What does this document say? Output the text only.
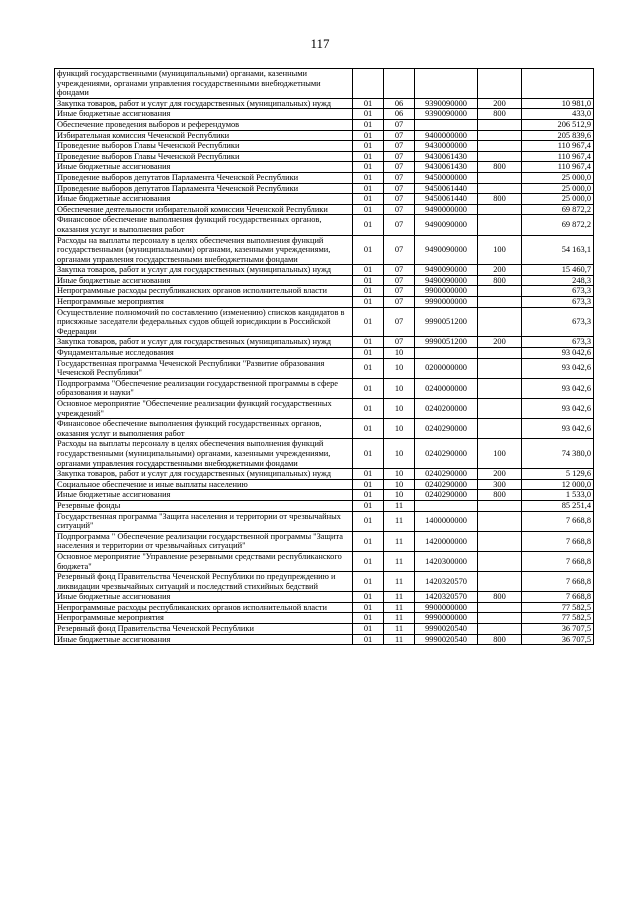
117
функций государственными (муниципальными) органами, казенными учреждениями, органами управления государственными внебюджетными фондами					
Закупка товаров, работ и услуг для государственных (муниципальных) нужд	01	06	9390090000	200	10 981,0
Иные бюджетные ассигнования	01	06	9390090000	800	433,0
Обеспечение проведения выборов и референдумов	01	07			206 512,9
Избирательная комиссия Чеченской Республики	01	07	9400000000		205 839,6
Проведение выборов Главы Чеченской Республики	01	07	9430000000		110 967,4
Проведение выборов Главы Чеченской Республики	01	07	9430061430		110 967,4
Иные бюджетные ассигнования	01	07	9430061430	800	110 967,4
Проведение выборов депутатов Парламента Чеченской Республики	01	07	9450000000		25 000,0
Проведение выборов депутатов Парламента Чеченской Республики	01	07	9450061440		25 000,0
Иные бюджетные ассигнования	01	07	9450061440	800	25 000,0
Обеспечение деятельности избирательной комиссии Чеченской Республики	01	07	9490000000		69 872,2
Финансовое обеспечение выполнения функций государственных органов, оказания услуг и выполнения работ	01	07	9490090000		69 872,2
Расходы на выплаты персоналу в целях обеспечения выполнения функций государственными (муниципальными) органами, казенными учреждениями, органами управления государственными внебюджетными фондами	01	07	9490090000	100	54 163,1
Закупка товаров, работ и услуг для государственных (муниципальных) нужд	01	07	9490090000	200	15 460,7
Иные бюджетные ассигнования	01	07	9490090000	800	248,3
Непрограммные расходы республиканских органов исполнительной власти	01	07	9900000000		673,3
Непрограммные мероприятия	01	07	9990000000		673,3
Осуществление полномочий по составлению (изменению) списков кандидатов в присяжные заседатели федеральных судов общей юрисдикции в Российской Федерации	01	07	9990051200		673,3
Закупка товаров, работ и услуг для государственных (муниципальных) нужд	01	07	9990051200	200	673,3
Фундаментальные исследования	01	10			93 042,6
Государственная программа Чеченской Республики "Развитие образования Чеченской Республики"	01	10	0200000000		93 042,6
Подпрограмма "Обеспечение реализации государственной программы в сфере образования и науки"	01	10	0240000000		93 042,6
Основное мероприятие "Обеспечение реализации функций государственных учреждений"	01	10	0240200000		93 042,6
Финансовое обеспечение выполнения функций государственных органов, оказания услуг и выполнения работ	01	10	0240290000		93 042,6
Расходы на выплаты персоналу в целях обеспечения выполнения функций государственными (муниципальными) органами, казенными учреждениями, органами управления государственными внебюджетными фондами	01	10	0240290000	100	74 380,0
Закупка товаров, работ и услуг для государственных (муниципальных) нужд	01	10	0240290000	200	5 129,6
Социальное обеспечение и иные выплаты населению	01	10	0240290000	300	12 000,0
Иные бюджетные ассигнования	01	10	0240290000	800	1 533,0
Резервные фонды	01	11			85 251,4
Государственная программа "Защита населения и территории от чрезвычайных ситуаций"	01	11	1400000000		7 668,8
Подпрограмма " Обеспечение реализации государственной программы "Защита населения и территории от чрезвычайных ситуаций"	01	11	1420000000		7 668,8
Основное мероприятие "Управление резервными средствами республиканского бюджета"	01	11	1420300000		7 668,8
Резервный фонд Правительства Чеченской Республики по предупреждению и ликвидации чрезвычайных ситуаций и последствий стихийных бедствий	01	11	1420320570		7 668,8
Иные бюджетные ассигнования	01	11	1420320570	800	7 668,8
Непрограммные расходы республиканских органов исполнительной власти	01	11	9900000000		77 582,5
Непрограммные мероприятия	01	11	9990000000		77 582,5
Резервный фонд Правительства Чеченской Республики	01	11	9990020540		36 707,5
Иные бюджетные ассигнования	01	11	9990020540	800	36 707,5
